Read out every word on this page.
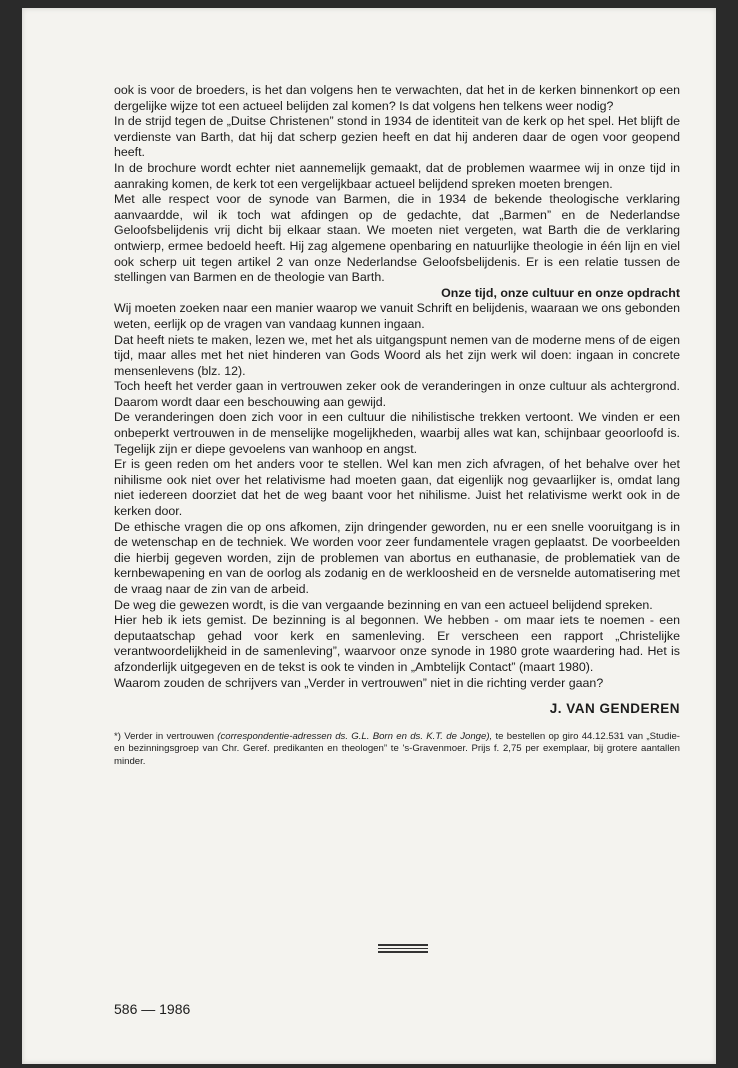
ook is voor de broeders, is het dan volgens hen te verwachten, dat het in de kerken binnenkort op een dergelijke wijze tot een actueel belijden zal komen? Is dat volgens hen telkens weer nodig?

In de strijd tegen de „Duitse Christenen” stond in 1934 de identiteit van de kerk op het spel. Het blijft de verdienste van Barth, dat hij dat scherp gezien heeft en dat hij anderen daar de ogen voor geopend heeft.

In de brochure wordt echter niet aannemelijk gemaakt, dat de problemen waarmee wij in onze tijd in aanraking komen, de kerk tot een vergelijkbaar actueel belijdend spreken moeten brengen.

Met alle respect voor de synode van Barmen, die in 1934 de bekende theologische verklaring aanvaardde, wil ik toch wat afdingen op de gedachte, dat „Barmen” en de Nederlandse Geloofsbelijdenis vrij dicht bij elkaar staan. We moeten niet vergeten, wat Barth die de verklaring ontwierp, ermee bedoeld heeft. Hij zag algemene openbaring en natuurlijke theologie in één lijn en viel ook scherp uit tegen artikel 2 van onze Nederlandse Geloofsbelijdenis. Er is een relatie tussen de stellingen van Barmen en de theologie van Barth.

Onze tijd, onze cultuur en onze opdracht

Wij moeten zoeken naar een manier waarop we vanuit Schrift en belijdenis, waaraan we ons gebonden weten, eerlijk op de vragen van vandaag kunnen ingaan.

Dat heeft niets te maken, lezen we, met het als uitgangspunt nemen van de moderne mens of de eigen tijd, maar alles met het niet hinderen van Gods Woord als het zijn werk wil doen: ingaan in concrete mensenlevens (blz. 12).

Toch heeft het verder gaan in vertrouwen zeker ook de veranderingen in onze cultuur als achtergrond. Daarom wordt daar een beschouwing aan gewijd.

De veranderingen doen zich voor in een cultuur die nihilistische trekken vertoont. We vinden er een onbeperkt vertrouwen in de menselijke mogelijkheden, waarbij alles wat kan, schijnbaar geoorloofd is. Tegelijk zijn er diepe gevoelens van wanhoop en angst.

Er is geen reden om het anders voor te stellen. Wel kan men zich afvragen, of het behalve over het nihilisme ook niet over het relativisme had moeten gaan, dat eigenlijk nog gevaarlijker is, omdat lang niet iedereen doorziet dat het de weg baant voor het nihilisme. Juist het relativisme werkt ook in de kerken door.

De ethische vragen die op ons afkomen, zijn dringender geworden, nu er een snelle vooruitgang is in de wetenschap en de techniek. We worden voor zeer fundamentele vragen geplaatst. De voorbeelden die hierbij gegeven worden, zijn de problemen van abortus en euthanasie, de problematiek van de kernbewapening en van de oorlog als zodanig en de werkloosheid en de versnelde automatisering met de vraag naar de zin van de arbeid.

De weg die gewezen wordt, is die van vergaande bezinning en van een actueel belijdend spreken.

Hier heb ik iets gemist. De bezinning is al begonnen. We hebben - om maar iets te noemen - een deputaatschap gehad voor kerk en samenleving. Er verscheen een rapport „Christelijke verantwoordelijkheid in de samenleving”, waarvoor onze synode in 1980 grote waardering had. Het is afzonderlijk uitgegeven en de tekst is ook te vinden in „Ambtelijk Contact” (maart 1980).

Waarom zouden de schrijvers van „Verder in vertrouwen” niet in die richting verder gaan?

J. VAN GENDEREN
*) Verder in vertrouwen (correspondentie-adressen ds. G.L. Born en ds. K.T. de Jonge), te bestellen op giro 44.12.531 van „Studie- en bezinningsgroep van Chr. Geref. predikanten en theologen” te 's-Gravenmoer. Prijs f. 2,75 per exemplaar, bij grotere aantallen minder.
586 — 1986
